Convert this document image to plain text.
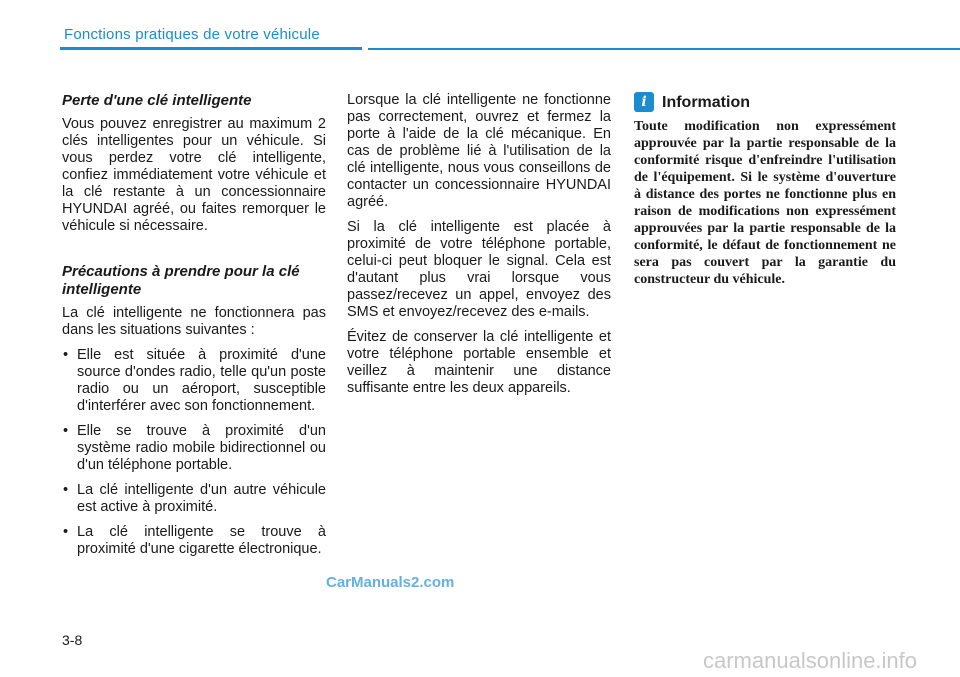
Fonctions pratiques de votre véhicule
Perte d'une clé intelligente

Vous pouvez enregistrer au maximum 2 clés intelligentes pour un véhicule. Si vous perdez votre clé intelligente, confiez immédiatement votre véhicule et la clé restante à un concessionnaire HYUNDAI agréé, ou faites remorquer le véhicule si nécessaire.

Précautions à prendre pour la clé intelligente

La clé intelligente ne fonctionnera pas dans les situations suivantes :

• Elle est située à proximité d'une source d'ondes radio, telle qu'un poste radio ou un aéroport, susceptible d'interférer avec son fonctionnement.
• Elle se trouve à proximité d'un système radio mobile bidirectionnel ou d'un téléphone portable.
• La clé intelligente d'un autre véhicule est active à proximité.
• La clé intelligente se trouve à proximité d'une cigarette électronique.

Lorsque la clé intelligente ne fonctionne pas correctement, ouvrez et fermez la porte à l'aide de la clé mécanique. En cas de problème lié à l'utilisation de la clé intelligente, nous vous conseillons de contacter un concessionnaire HYUNDAI agréé.

Si la clé intelligente est placée à proximité de votre téléphone portable, celui-ci peut bloquer le signal. Cela est d'autant plus vrai lorsque vous passez/recevez un appel, envoyez des SMS et envoyez/recevez des e-mails.

Évitez de conserver la clé intelligente et votre téléphone portable ensemble et veillez à maintenir une distance suffisante entre les deux appareils.

i Information

Toute modification non expressément approuvée par la partie responsable de la conformité risque d'enfreindre l'utilisation de l'équipement. Si le système d'ouverture à distance des portes ne fonctionne plus en raison de modifications non expressément approuvées par la partie responsable de la conformité, le défaut de fonctionnement ne sera pas couvert par la garantie du constructeur du véhicule.

CarManuals2.com
3-8
carmanualsonline.info
